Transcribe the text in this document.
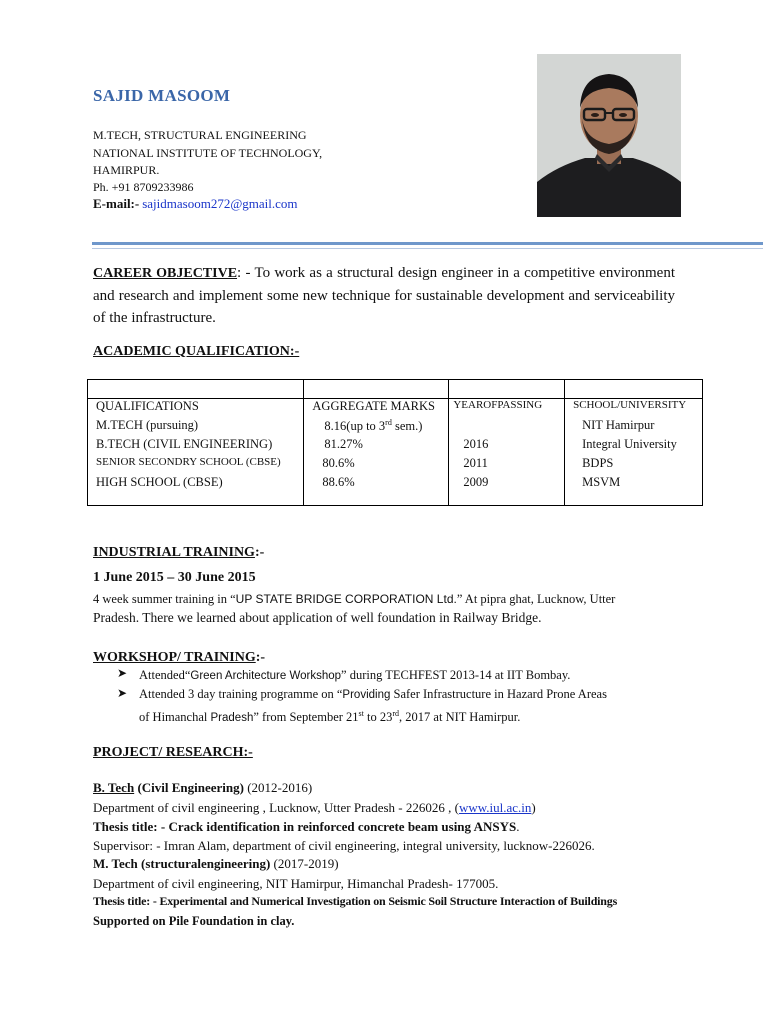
SAJID MASOOM
M.TECH, STRUCTURAL ENGINEERING
NATIONAL INSTITUTE OF TECHNOLOGY,
HAMIRPUR.
Ph. +91 8709233986
E-mail:- sajidmasoom272@gmail.com
CAREER OBJECTIVE: - To work as a structural design engineer in a competitive environment and research and implement some new technique for sustainable development and serviceability of the infrastructure.
ACADEMIC QUALIFICATION:-

QUALIFICATIONS	AGGREGATE MARKS	YEAROFPASSING	SCHOOL/UNIVERSITY
M.TECH (pursuing)	8.16(up to 3rd sem.)		NIT Hamirpur
B.TECH (CIVIL ENGINEERING)	81.27%	2016	Integral University
SENIOR SECONDRY SCHOOL (CBSE)	80.6%	2011	BDPS
HIGH SCHOOL (CBSE)	88.6%	2009	MSVM
INDUSTRIAL TRAINING:-
1 June 2015 – 30 June 2015
4 week summer training in “UP STATE BRIDGE CORPORATION Ltd.” At pipra ghat, Lucknow, Utter
Pradesh. There we learned about application of well foundation in Railway Bridge.
WORKSHOP/ TRAINING:-
➤ Attended“Green Architecture Workshop” during TECHFEST 2013-14 at IIT Bombay.
➤ Attended 3 day training programme on “Providing Safer Infrastructure in Hazard Prone Areas
of Himanchal Pradesh” from September 21st to 23rd, 2017 at NIT Hamirpur.
PROJECT/ RESEARCH:-
B. Tech (Civil Engineering) (2012-2016)
Department of civil engineering , Lucknow, Utter Pradesh - 226026 , (www.iul.ac.in)
Thesis title: - Crack identification in reinforced concrete beam using ANSYS.
Supervisor: - Imran Alam, department of civil engineering, integral university, lucknow-226026.
M. Tech (structuralengineering) (2017-2019)
Department of civil engineering, NIT Hamirpur, Himanchal Pradesh- 177005.
Thesis title: - Experimental and Numerical Investigation on Seismic Soil Structure Interaction of Buildings
Supported on Pile Foundation in clay.
